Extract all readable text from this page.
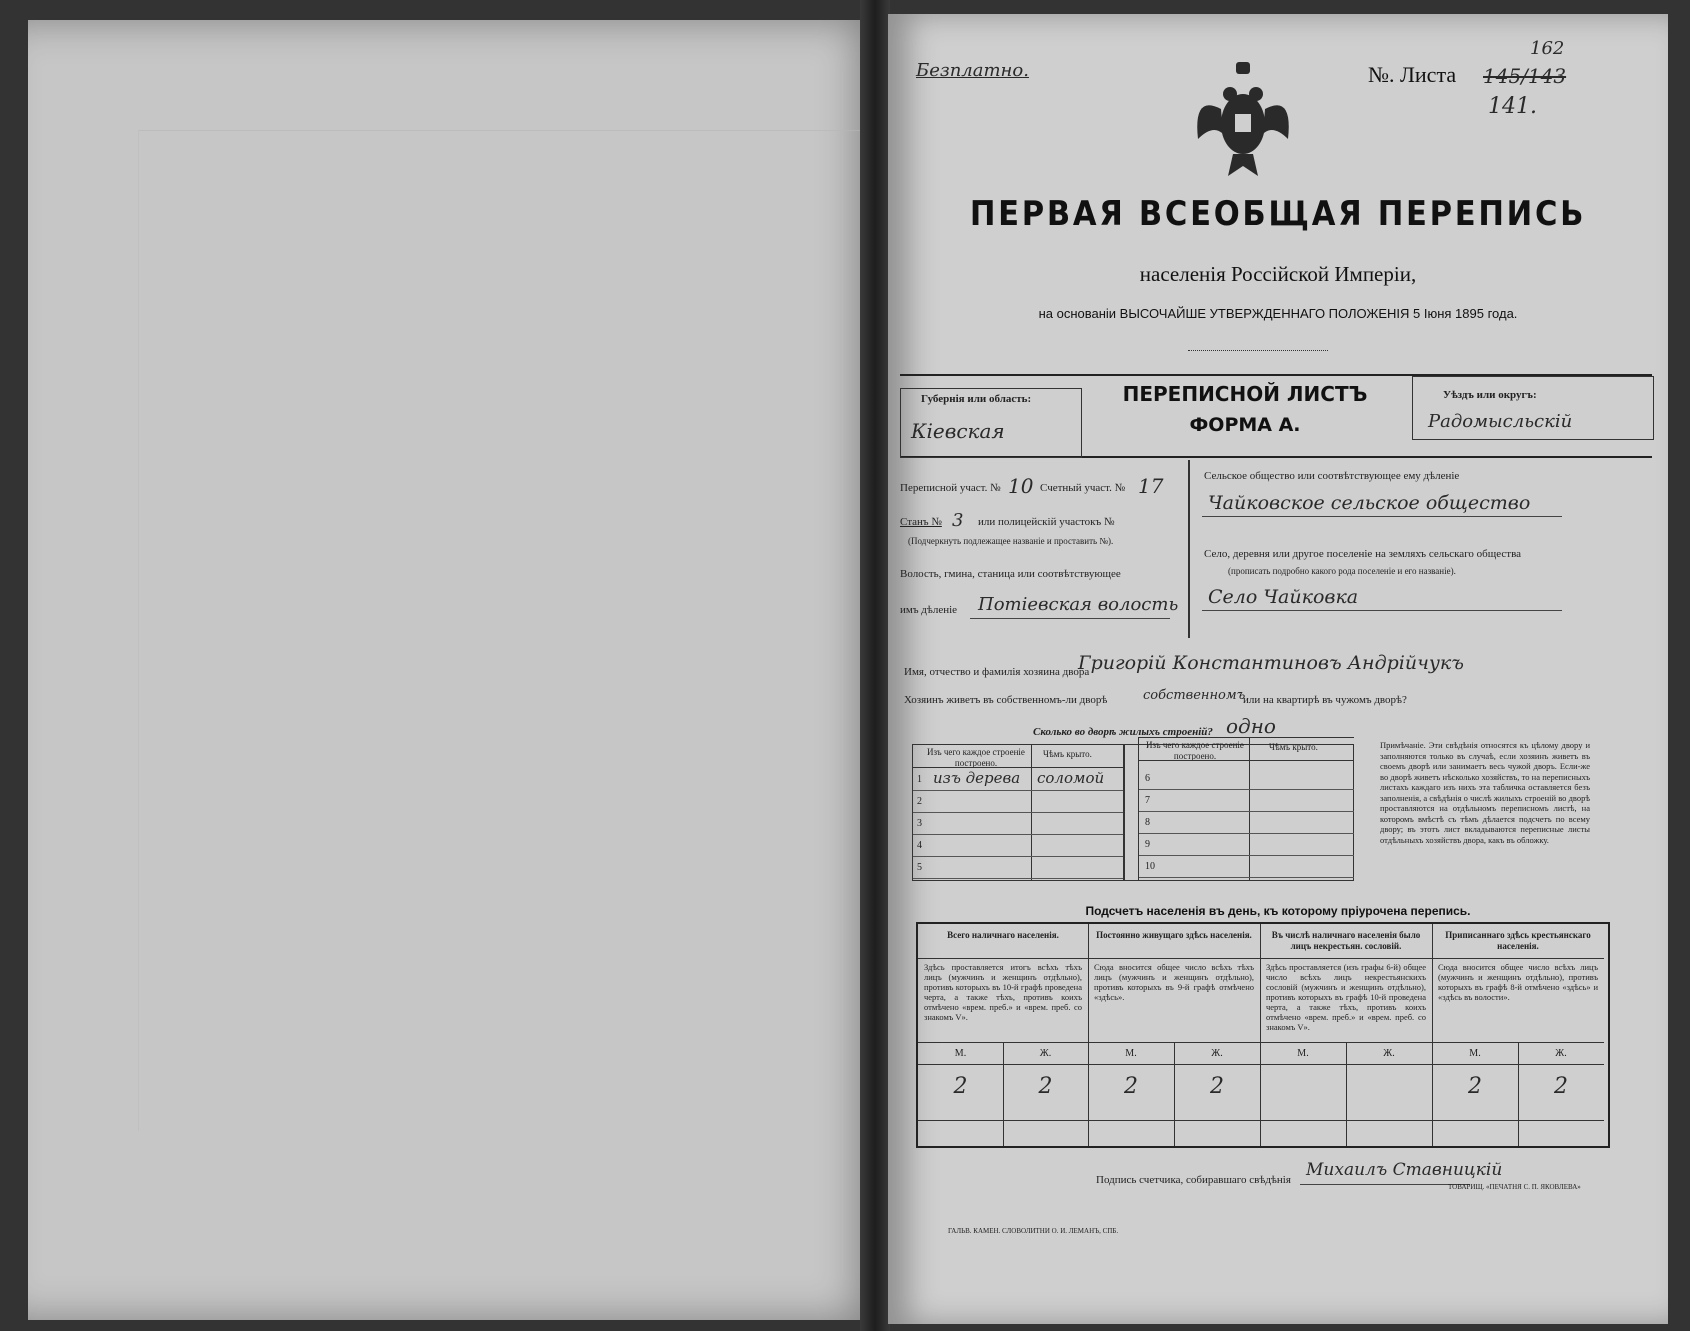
Безплатно.	№. Листа 145/143
162
141.
ПЕРВАЯ ВСЕОБЩАЯ ПЕРЕПИСЬ
населенія Россійской Имперіи,
на основаніи ВЫСОЧАЙШЕ УТВЕРЖДЕННАГО ПОЛОЖЕНІЯ 5 Іюня 1895 года.
Губернія или область:
Кіевская
ПЕРЕПИСНОЙ ЛИСТЪ
ФОРМА А.
Уѣздъ или округъ:
Радомысльскій
Переписной участ. № 10 Счетный участ. № 17
Станъ № 3 или полицейскій участокъ №
(Подчеркнуть подлежащее названіе и проставить №).
Волость, гмина, станица или соотвѣтствующее
имъ дѣленіе Потіевская волость
Сельское общество или соотвѣтствующее ему дѣленіе
Чайковское сельское общество
Село, деревня или другое поселеніе на земляхъ сельскаго общества
(прописать подробно какого рода поселеніе и его названіе).
Село Чайковка
Имя, отчество и фамилія хозяина двора
Григорій Константиновъ Андрійчукъ
Хозяинъ живетъ въ собственномъ-ли дворѣ	собственномъ
или на квартирѣ въ чужомъ дворѣ?
Сколько во дворѣ жилыхъ строеній? одно
Изъ чего каждое строеніе построено.
Чѣмъ крыто.
1 изъ дерева соломой
2
3
4
5
Изъ чего каждое строеніе построено.
Чѣмъ крыто.
6
7
8
9
10
Примѣчаніе. Эти свѣдѣнія относятся къ цѣлому двору и заполняются только въ случаѣ, если хозяинъ живетъ въ своемъ дворѣ или занимаетъ весь чужой дворъ. Если-же во дворѣ живетъ нѣсколько хозяйствъ, то на переписныхъ листахъ каждаго изъ нихъ эта табличка оставляется безъ заполненія, а свѣдѣнія о числѣ жилыхъ строеній во дворѣ проставляются на отдѣльномъ переписномъ листѣ, на которомъ вмѣстѣ съ тѣмъ дѣлается подсчетъ по всему двору; въ этотъ лист вкладываются переписные листы отдѣльныхъ хозяйствъ двора, какъ въ обложку.
Подсчетъ населенія въ день, къ которому пріурочена перепись.
Всего наличнаго населенія.
Здѣсь проставляется итогъ всѣхъ тѣхъ лицъ (мужчинъ и женщинъ отдѣльно), противъ которыхъ въ 10-й графѣ проведена черта, а также тѣхъ, противъ коихъ отмѣчено «врем. преб.» и «врем. преб. со знакомъ V».
М.	Ж.
2	2
Постоянно живущаго здѣсь населенія.
Сюда вносится общее число всѣхъ тѣхъ лицъ (мужчинъ и женщинъ отдѣльно), противъ которыхъ въ 9-й графѣ отмѣчено «здѣсь».
М.	Ж.
2	2
Въ числѣ наличнаго населенія было лицъ некрестьян. сословій.
Здѣсь проставляется (изъ графы 6-й) общее число всѣхъ лицъ некрестьянскихъ сословій (мужчинъ и женщинъ отдѣльно), противъ которыхъ въ графѣ 10-й проведена черта, а также тѣхъ, противъ коихъ отмѣчено «врем. преб.» и «врем. преб. со знакомъ V».
М.	Ж.
Приписаннаго здѣсь крестьянскаго населенія.
Сюда вносится общее число всѣхъ лицъ (мужчинъ и женщинъ отдѣльно), противъ которыхъ въ графѣ 8-й отмѣчено «здѣсь» и «здѣсь въ волости».
М.	Ж.
2	2
Подпись счетчика, собиравшаго свѣдѣнія Михаилъ Ставницкій
ГАЛЬВ. КАМЕН. СЛОВОЛИТНИ О. И. ЛЕМАНЪ, СПБ.
ТОВАРИЩ. «ПЕЧАТНЯ С. П. ЯКОВЛЕВА»
